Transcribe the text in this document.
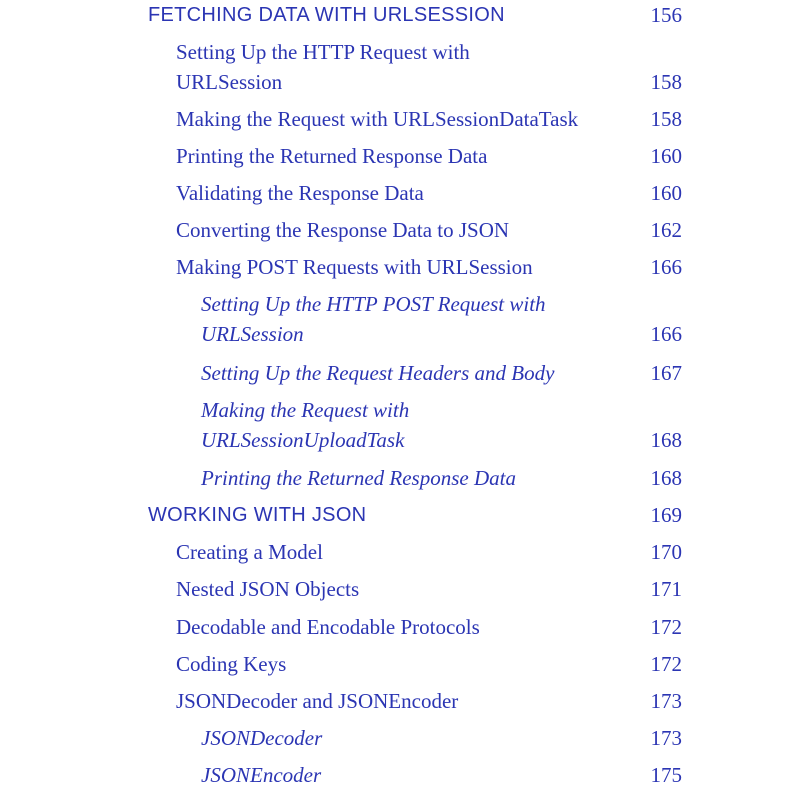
FETCHING DATA WITH URLSESSION	156
Setting Up the HTTP Request with
URLSession	158
Making the Request with URLSessionDataTask	158
Printing the Returned Response Data	160
Validating the Response Data	160
Converting the Response Data to JSON	162
Making POST Requests with URLSession	166
Setting Up the HTTP POST Request with
URLSession	166
Setting Up the Request Headers and Body	167
Making the Request with
URLSessionUploadTask	168
Printing the Returned Response Data	168
WORKING WITH JSON	169
Creating a Model	170
Nested JSON Objects	171
Decodable and Encodable Protocols	172
Coding Keys	172
JSONDecoder and JSONEncoder	173
JSONDecoder	173
JSONEncoder	175
